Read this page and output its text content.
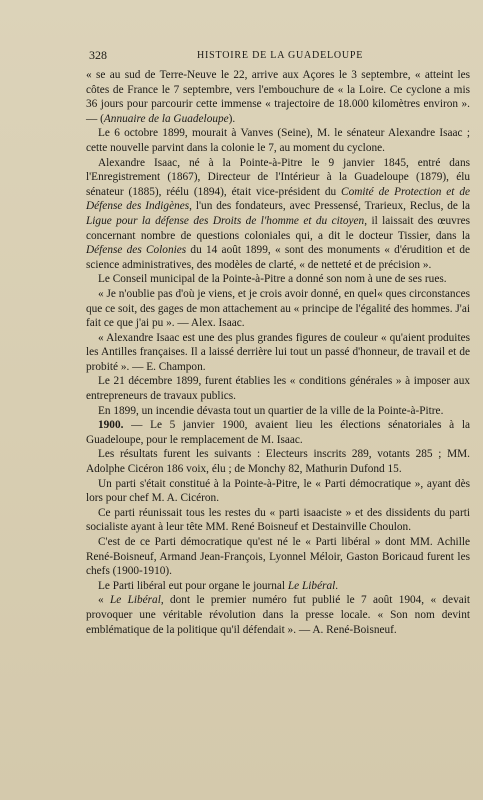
328	HISTOIRE DE LA GUADELOUPE

« se au sud de Terre-Neuve le 22, arrive aux Açores le 3 septembre, « atteint les côtes de France le 7 septembre, vers l'embouchure de « la Loire. Ce cyclone a mis 36 jours pour parcourir cette immense « trajectoire de 18.000 kilomètres environ ». — (Annuaire de la Guadeloupe).

Le 6 octobre 1899, mourait à Vanves (Seine), M. le sénateur Alexandre Isaac ; cette nouvelle parvint dans la colonie le 7, au moment du cyclone.

Alexandre Isaac, né à la Pointe-à-Pitre le 9 janvier 1845, entré dans l'Enregistrement (1867), Directeur de l'Intérieur à la Guadeloupe (1879), élu sénateur (1885), réélu (1894), était vice-président du Comité de Protection et de Défense des Indigènes, l'un des fondateurs, avec Pressensé, Trarieux, Reclus, de la Ligue pour la défense des Droits de l'homme et du citoyen, il laissait des œuvres concernant nombre de questions coloniales qui, a dit le docteur Tissier, dans la Défense des Colonies du 14 août 1899, « sont des monuments « d'érudition et de science administratives, des modèles de clarté, « de netteté et de précision ».

Le Conseil municipal de la Pointe-à-Pitre a donné son nom à une de ses rues.

« Je n'oublie pas d'où je viens, et je crois avoir donné, en quel« ques circonstances que ce soit, des gages de mon attachement au « principe de l'égalité des hommes. J'ai fait ce que j'ai pu ». — Alex. Isaac.

« Alexandre Isaac est une des plus grandes figures de couleur « qu'aient produites les Antilles françaises. Il a laissé derrière lui tout un passé d'honneur, de travail et de probité ». — E. Champon.

Le 21 décembre 1899, furent établies les « conditions générales » à imposer aux entrepreneurs de travaux publics.

En 1899, un incendie dévasta tout un quartier de la ville de la Pointe-à-Pitre.

1900. — Le 5 janvier 1900, avaient lieu les élections sénatoriales à la Guadeloupe, pour le remplacement de M. Isaac.

Les résultats furent les suivants : Electeurs inscrits 289, votants 285 ; MM. Adolphe Cicéron 186 voix, élu ; de Monchy 82, Mathurin Dufond 15.

Un parti s'était constitué à la Pointe-à-Pitre, le « Parti démocratique », ayant dès lors pour chef M. A. Cicéron.

Ce parti réunissait tous les restes du « parti isaaciste » et des dissidents du parti socialiste ayant à leur tête MM. René Boisneuf et Destainville Choulon.

C'est de ce Parti démocratique qu'est né le « Parti libéral » dont MM. Achille René-Boisneuf, Armand Jean-François, Lyonnel Méloir, Gaston Boricaud furent les chefs (1900-1910).

Le Parti libéral eut pour organe le journal Le Libéral.

« Le Libéral, dont le premier numéro fut publié le 7 août 1904, « devait provoquer une véritable révolution dans la presse locale. « Son nom devint emblématique de la politique qu'il défendait ». — A. René-Boisneuf.
